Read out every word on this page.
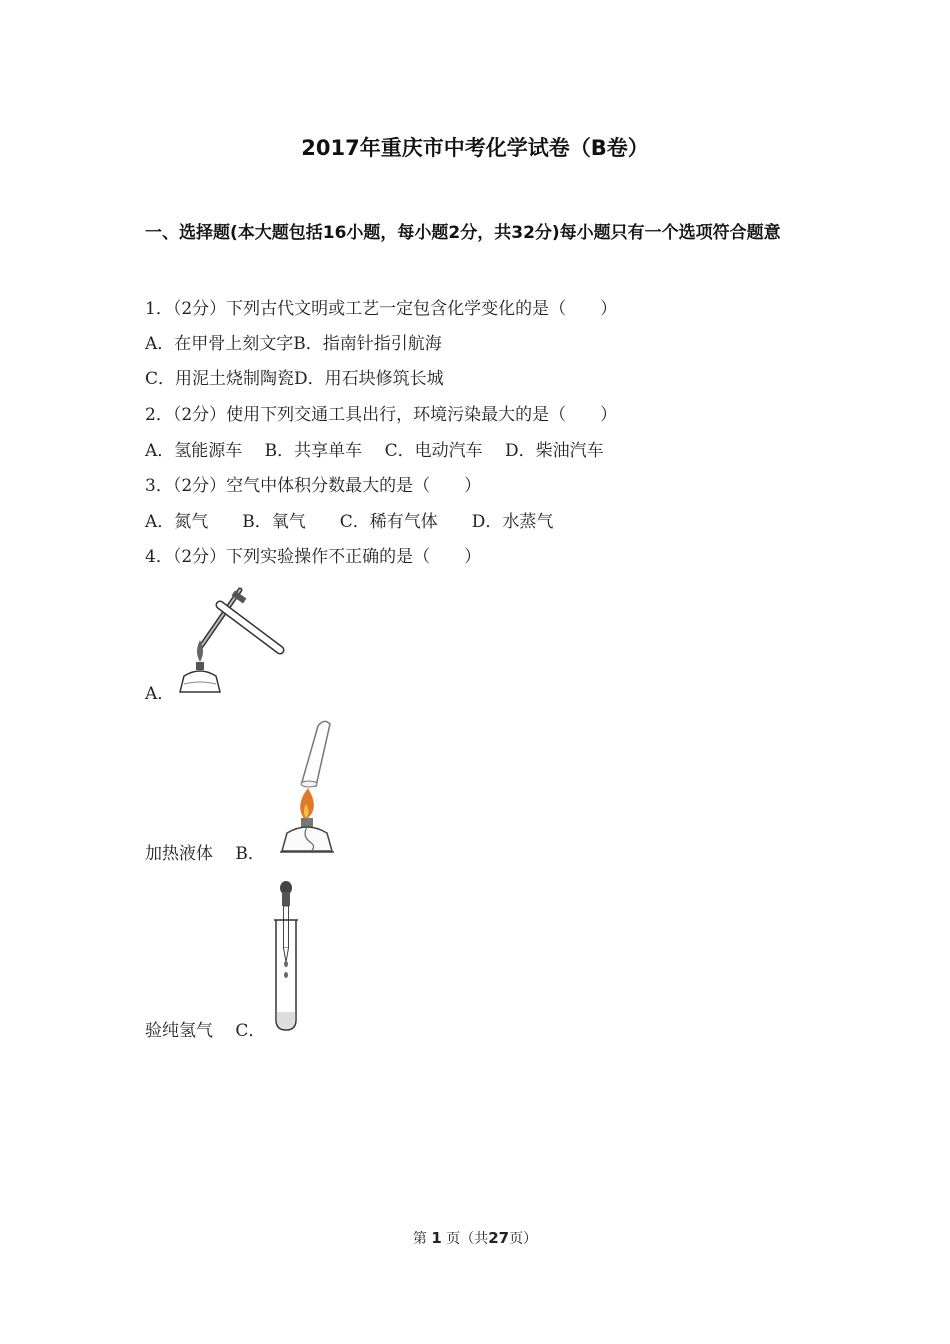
2017年重庆市中考化学试卷（B卷）
一、选择题(本大题包括16小题，每小题2分，共32分)每小题只有一个选项符合题意
1．（2分）下列古代文明或工艺一定包含化学变化的是（　　）
A．在甲骨上刻文字B．指南针指引航海
C．用泥土烧制陶瓷D．用石块修筑长城
2．（2分）使用下列交通工具出行，环境污染最大的是（　　）
A．氢能源车　 B．共享单车　 C．电动汽车　 D．柴油汽车
3．（2分）空气中体积分数最大的是（　　）
A．氮气　　B．氧气　　C．稀有气体　　D．水蒸气
4．（2分）下列实验操作不正确的是（　　）
A．
加热液体　 B．
验纯氢气　 C．
第 1 页（共27页）
